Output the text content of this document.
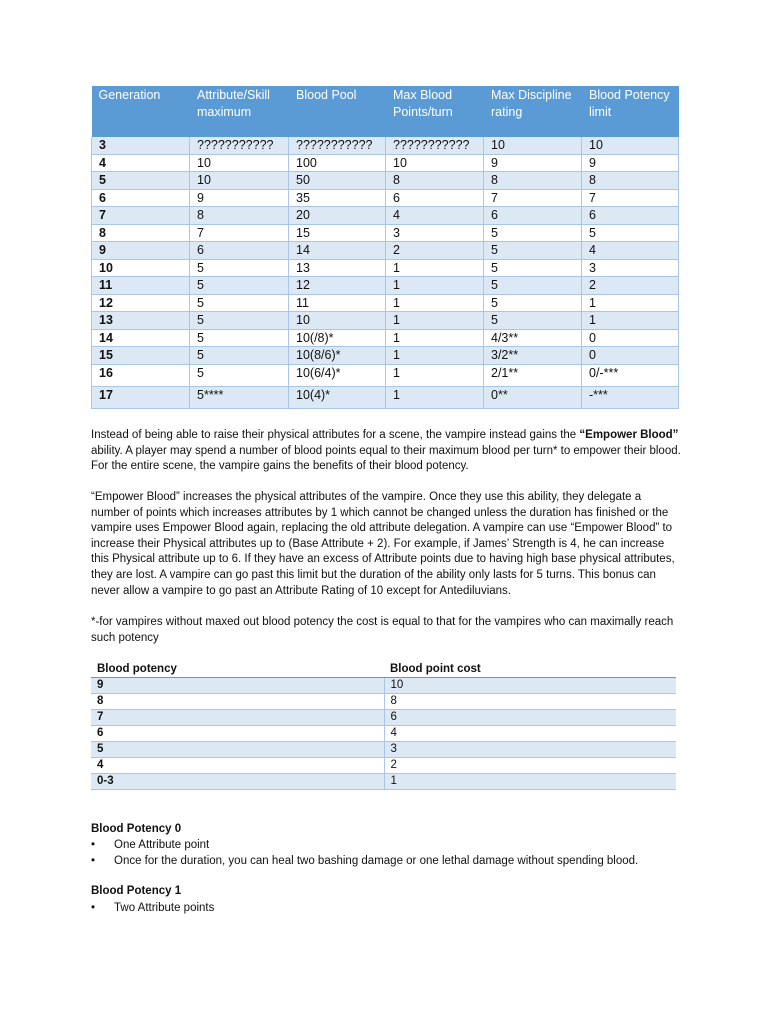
Generation	Attribute/Skill maximum	Blood Pool	Max Blood Points/turn	Max Discipline rating	Blood Potency limit
3	???????????	???????????	???????????	10	10
4	10	100	10	9	9
5	10	50	8	8	8
6	9	35	6	7	7
7	8	20	4	6	6
8	7	15	3	5	5
9	6	14	2	5	4
10	5	13	1	5	3
11	5	12	1	5	2
12	5	11	1	5	1
13	5	10	1	5	1
14	5	10(/8)*	1	4/3**	0
15	5	10(8/6)*	1	3/2**	0
16	5	10(6/4)*	1	2/1**	0/-***
17	5****	10(4)*	1	0**	-***
Instead of being able to raise their physical attributes for a scene, the vampire instead gains the “Empower Blood” ability. A player may spend a number of blood points equal to their maximum blood per turn* to empower their blood. For the entire scene, the vampire gains the benefits of their blood potency.
“Empower Blood” increases the physical attributes of the vampire. Once they use this ability, they delegate a number of points which increases attributes by 1 which cannot be changed unless the duration has finished or the vampire uses Empower Blood again, replacing the old attribute delegation. A vampire can use “Empower Blood” to increase their Physical attributes up to (Base Attribute + 2). For example, if James’ Strength is 4, he can increase this Physical attribute up to 6. If they have an excess of Attribute points due to having high base physical attributes, they are lost. A vampire can go past this limit but the duration of the ability only lasts for 5 turns. This bonus can never allow a vampire to go past an Attribute Rating of 10 except for Antediluvians.
*-for vampires without maxed out blood potency the cost is equal to that for the vampires who can maximally reach such potency
Blood potency	Blood point cost
9	10
8	8
7	6
6	4
5	3
4	2
0-3	1
Blood Potency 0
• One Attribute point
• Once for the duration, you can heal two bashing damage or one lethal damage without spending blood.
Blood Potency 1
• Two Attribute points
